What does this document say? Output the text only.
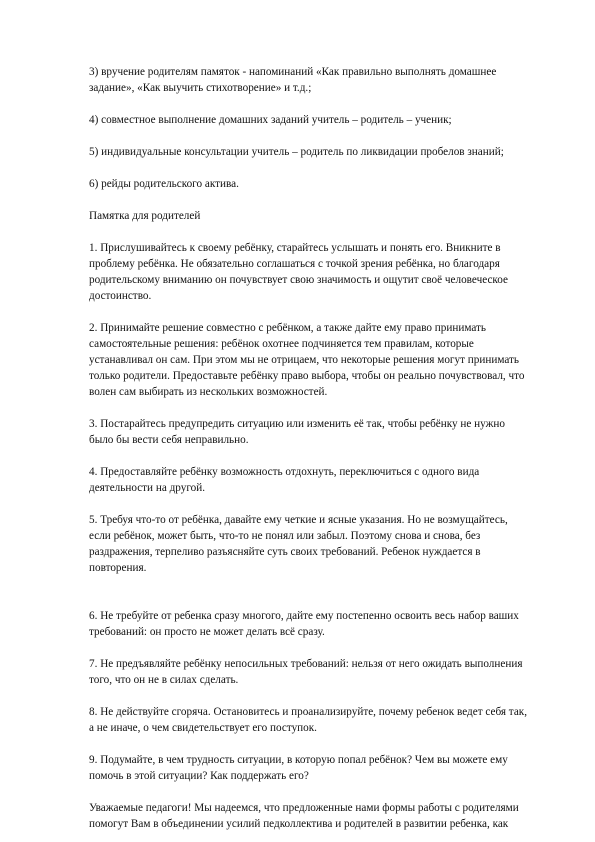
3) вручение родителям памяток - напоминаний «Как правильно выполнять домашнее задание», «Как выучить стихотворение» и т.д.;

4) совместное выполнение домашних заданий учитель – родитель – ученик;

5) индивидуальные консультации учитель – родитель по ликвидации пробелов знаний;

6) рейды родительского актива.

Памятка для родителей

1. Прислушивайтесь к своему ребёнку, старайтесь услышать и понять его. Вникните в проблему ребёнка. Не обязательно соглашаться с точкой зрения ребёнка, но благодаря родительскому вниманию он почувствует свою значимость и ощутит своё человеческое достоинство.

2. Принимайте решение совместно с ребёнком, а также дайте ему право принимать самостоятельные решения: ребёнок охотнее подчиняется тем правилам, которые устанавливал он сам. При этом мы не отрицаем, что некоторые решения могут принимать только родители. Предоставьте ребёнку право выбора, чтобы он реально почувствовал, что волен сам выбирать из нескольких возможностей.

3. Постарайтесь предупредить ситуацию или изменить её так, чтобы ребёнку не нужно было бы вести себя неправильно.

4. Предоставляйте ребёнку возможность отдохнуть, переключиться с одного вида деятельности на другой.

5. Требуя что-то от ребёнка, давайте ему четкие и ясные указания. Но не возмущайтесь, если ребёнок, может быть, что-то не понял или забыл. Поэтому снова и снова, без раздражения, терпеливо разъясняйте суть своих требований. Ребенок нуждается в повторения.

6. Не требуйте от ребенка сразу многого, дайте ему постепенно освоить весь набор ваших требований: он просто не может делать всё сразу.

7. Не предъявляйте ребёнку непосильных требований: нельзя от него ожидать выполнения того, что он не в силах сделать.

8. Не действуйте сгоряча. Остановитесь и проанализируйте, почему ребенок ведет себя так, а не иначе, о чем свидетельствует его поступок.

9. Подумайте, в чем трудность ситуации, в которую попал ребёнок? Чем вы можете ему помочь в этой ситуации? Как поддержать его?

Уважаемые педагоги! Мы надеемся, что предложенные нами формы работы с родителями помогут Вам в объединении усилий педколлектива и родителей в развитии ребенка, как
